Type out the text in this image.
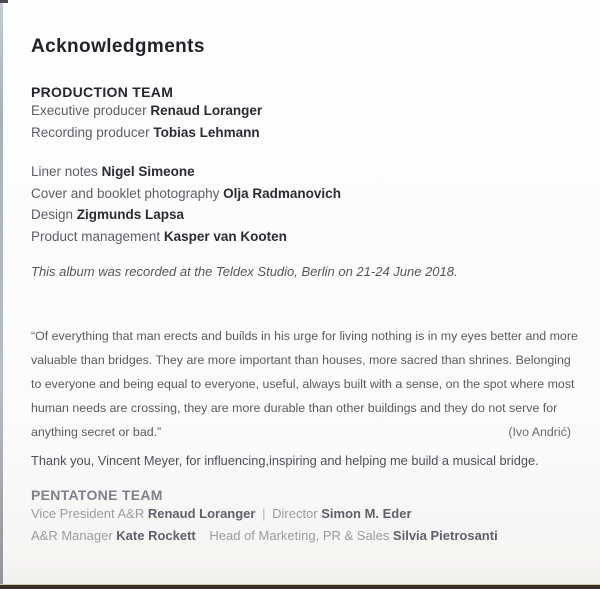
Acknowledgments
PRODUCTION TEAM
Executive producer Renaud Loranger
Recording producer Tobias Lehmann
Liner notes Nigel Simeone
Cover and booklet photography Olja Radmanovich
Design Zigmunds Lapsa
Product management Kasper van Kooten
This album was recorded at the Teldex Studio, Berlin on 21-24 June 2018.
“Of everything that man erects and builds in his urge for living nothing is in my eyes better and more
valuable than bridges. They are more important than houses, more sacred than shrines. Belonging
to everyone and being equal to everyone, useful, always built with a sense, on the spot where most
human needs are crossing, they are more durable than other buildings and they do not serve for
anything secret or bad.”	(Ivo Andrić)
Thank you, Vincent Meyer, for influencing,inspiring and helping me build a musical bridge.
PENTATONE TEAM
Vice President A&R Renaud Loranger | Director Simon M. Eder
A&R Manager Kate Rockett Head of Marketing, PR & Sales Silvia Pietrosanti
